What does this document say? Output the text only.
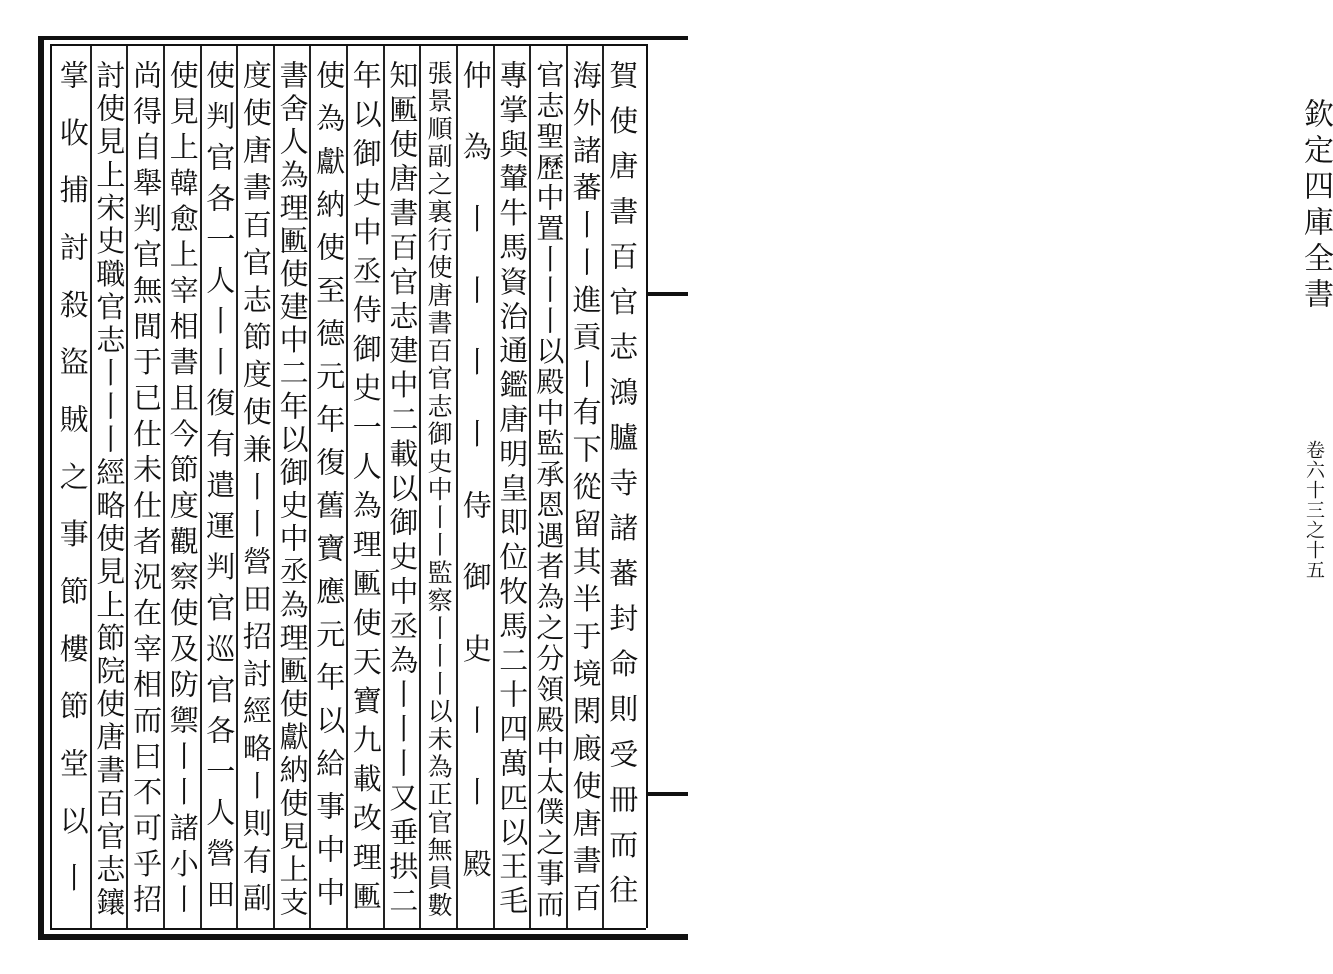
欽定四庫全書
卷六十三之十五
賀使唐書百官志鴻臚寺諸蕃封命則受冊而往
海外諸蕃丨丨進貢丨有下從留其半于境閑廄使唐書百
官志聖歷中置丨丨丨以殿中監承恩遇者為之分領殿中太僕之事而
專掌與輦牛馬資治通鑑唐明皇即位牧馬二十四萬匹以王毛
仲為丨丨丨丨侍御史丨丨殿
張景順副之裏行使唐書百官志御史中丨丨監察丨丨丨以未為正官無員數
知匭使唐書百官志建中二載以御史中丞為丨丨丨又垂拱二
年以御史中丞侍御史一人為理匭使天寶九載改理匭
使為獻納使至德元年復舊寶應元年以給事中中
書舍人為理匭使建中二年以御史中丞為理匭使獻納使見上支
度使唐書百官志節度使兼丨丨營田招討經略丨則有副
使判官各一人丨丨復有遣運判官巡官各一人營田
使見上韓愈上宰相書且今節度觀察使及防禦丨丨諸小丨
尚得自舉判官無間于已仕未仕者況在宰相而曰不可乎招
討使見上宋史職官志丨丨丨經略使見上節院使唐書百官志鑲
掌收捕討殺盜賊之事節樓節堂以丨
